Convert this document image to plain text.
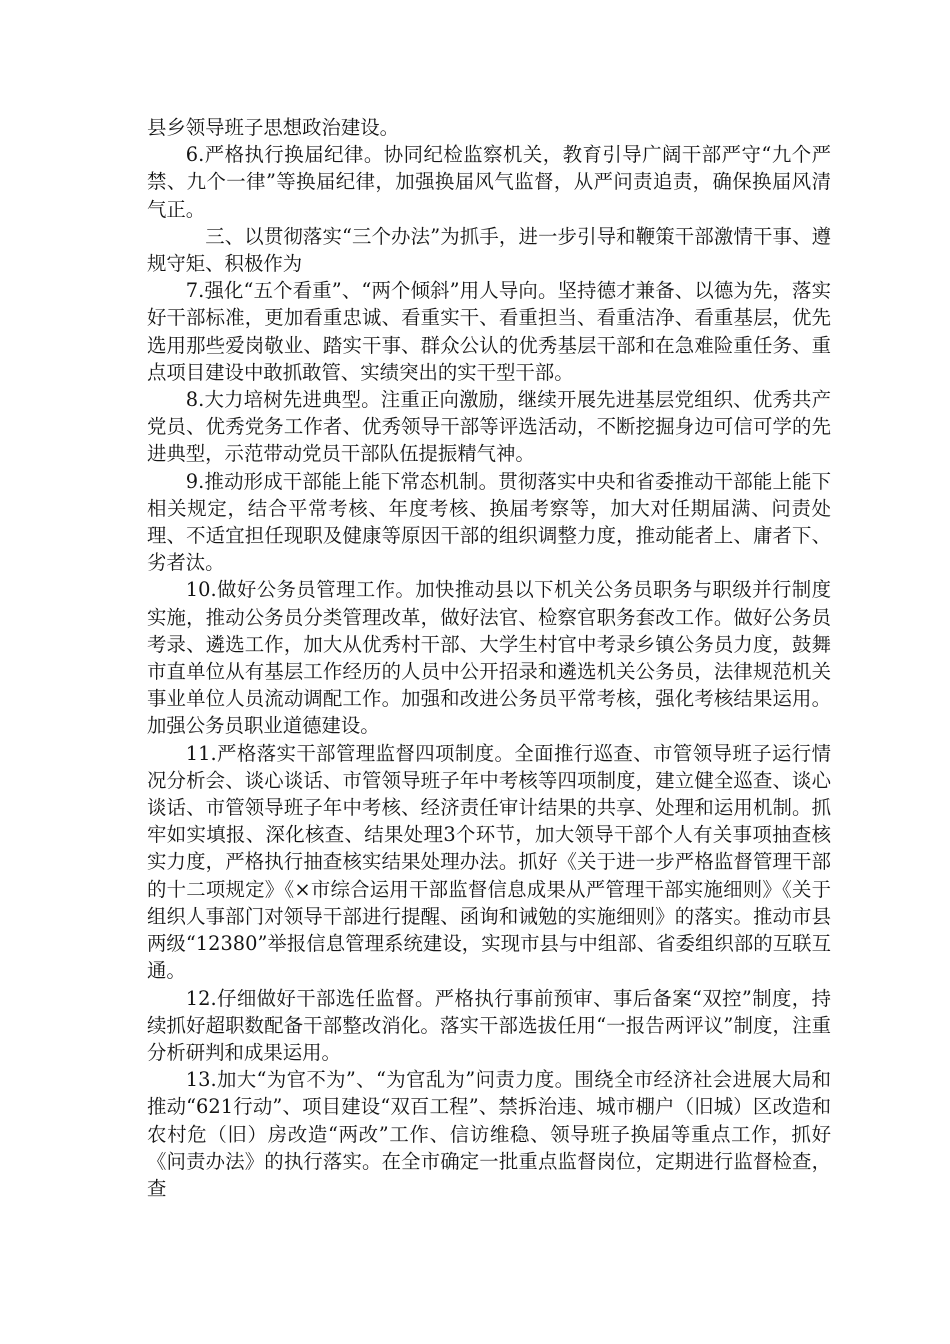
县乡领导班子思想政治建设。

6.严格执行换届纪律。协同纪检监察机关，教育引导广阔干部严守“九个严禁、九个一律”等换届纪律，加强换届风气监督，从严问责追责，确保换届风清气正。

三、以贯彻落实“三个办法”为抓手，进一步引导和鞭策干部激情干事、遵规守矩、积极作为

7.强化“五个看重”、“两个倾斜”用人导向。坚持德才兼备、以德为先，落实好干部标准，更加看重忠诚、看重实干、看重担当、看重洁净、看重基层，优先选用那些爱岗敬业、踏实干事、群众公认的优秀基层干部和在急难险重任务、重点项目建设中敢抓敢管、实绩突出的实干型干部。

8.大力培树先进典型。注重正向激励，继续开展先进基层党组织、优秀共产党员、优秀党务工作者、优秀领导干部等评选活动，不断挖掘身边可信可学的先进典型，示范带动党员干部队伍提振精气神。

9.推动形成干部能上能下常态机制。贯彻落实中央和省委推动干部能上能下相关规定，结合平常考核、年度考核、换届考察等，加大对任期届满、问责处理、不适宜担任现职及健康等原因干部的组织调整力度，推动能者上、庸者下、劣者汰。

10.做好公务员管理工作。加快推动县以下机关公务员职务与职级并行制度实施，推动公务员分类管理改革，做好法官、检察官职务套改工作。做好公务员考录、遴选工作，加大从优秀村干部、大学生村官中考录乡镇公务员力度，鼓舞市直单位从有基层工作经历的人员中公开招录和遴选机关公务员，法律规范机关事业单位人员流动调配工作。加强和改进公务员平常考核，强化考核结果运用。加强公务员职业道德建设。

11.严格落实干部管理监督四项制度。全面推行巡查、市管领导班子运行情况分析会、谈心谈话、市管领导班子年中考核等四项制度，建立健全巡查、谈心谈话、市管领导班子年中考核、经济责任审计结果的共享、处理和运用机制。抓牢如实填报、深化核查、结果处理3个环节，加大领导干部个人有关事项抽查核实力度，严格执行抽查核实结果处理办法。抓好《关于进一步严格监督管理干部的十二项规定》《×市综合运用干部监督信息成果从严管理干部实施细则》《关于组织人事部门对领导干部进行提醒、函询和诫勉的实施细则》的落实。推动市县两级“12380”举报信息管理系统建设，实现市县与中组部、省委组织部的互联互通。

12.仔细做好干部选任监督。严格执行事前预审、事后备案“双控”制度，持续抓好超职数配备干部整改消化。落实干部选拔任用“一报告两评议”制度，注重分析研判和成果运用。

13.加大“为官不为”、“为官乱为”问责力度。围绕全市经济社会进展大局和推动“621行动”、项目建设“双百工程”、禁拆治违、城市棚户（旧城）区改造和农村危（旧）房改造“两改”工作、信访维稳、领导班子换届等重点工作，抓好《问责办法》的执行落实。在全市确定一批重点监督岗位，定期进行监督检查，查
